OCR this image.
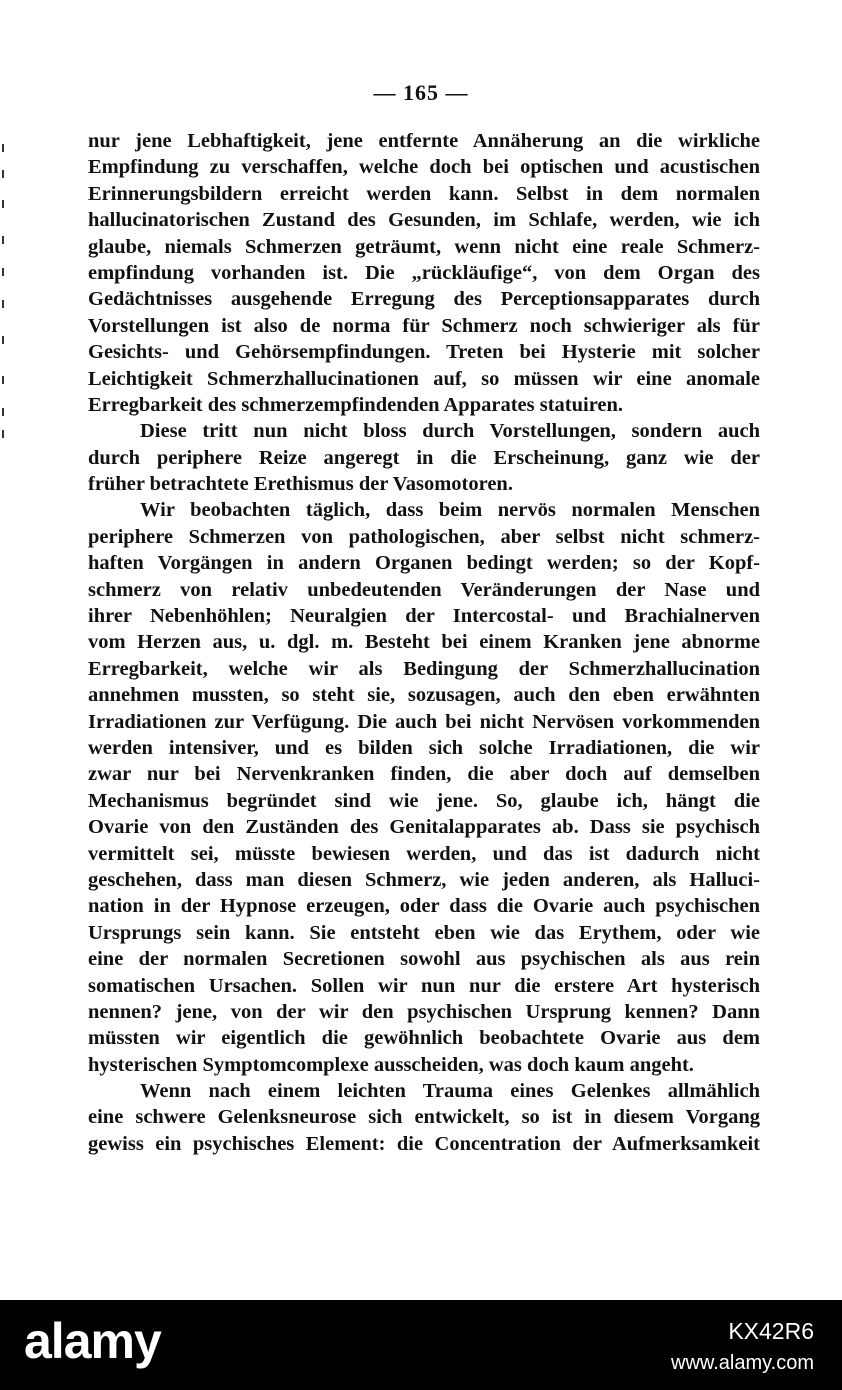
— 165 —
nur jene Lebhaftigkeit, jene entfernte Annäherung an die wirkliche
Empfindung zu verschaffen, welche doch bei optischen und acustischen
Erinnerungsbildern erreicht werden kann. Selbst in dem normalen
hallucinatorischen Zustand des Gesunden, im Schlafe, werden, wie ich
glaube, niemals Schmerzen geträumt, wenn nicht eine reale Schmerz-
empfindung vorhanden ist. Die „rückläufige“, von dem Organ des
Gedächtnisses ausgehende Erregung des Perceptionsapparates durch
Vorstellungen ist also de norma für Schmerz noch schwieriger als für
Gesichts- und Gehörsempfindungen. Treten bei Hysterie mit solcher
Leichtigkeit Schmerzhallucinationen auf, so müssen wir eine anomale
Erregbarkeit des schmerzempfindenden Apparates statuiren.
Diese tritt nun nicht bloss durch Vorstellungen, sondern auch
durch periphere Reize angeregt in die Erscheinung, ganz wie der
früher betrachtete Erethismus der Vasomotoren.
Wir beobachten täglich, dass beim nervös normalen Menschen
periphere Schmerzen von pathologischen, aber selbst nicht schmerz-
haften Vorgängen in andern Organen bedingt werden; so der Kopf-
schmerz von relativ unbedeutenden Veränderungen der Nase und
ihrer Nebenhöhlen; Neuralgien der Intercostal- und Brachialnerven
vom Herzen aus, u. dgl. m. Besteht bei einem Kranken jene abnorme
Erregbarkeit, welche wir als Bedingung der Schmerzhallucination
annehmen mussten, so steht sie, sozusagen, auch den eben erwähnten
Irradiationen zur Verfügung. Die auch bei nicht Nervösen vorkommenden
werden intensiver, und es bilden sich solche Irradiationen, die wir
zwar nur bei Nervenkranken finden, die aber doch auf demselben
Mechanismus begründet sind wie jene. So, glaube ich, hängt die
Ovarie von den Zuständen des Genitalapparates ab. Dass sie psychisch
vermittelt sei, müsste bewiesen werden, und das ist dadurch nicht
geschehen, dass man diesen Schmerz, wie jeden anderen, als Halluci-
nation in der Hypnose erzeugen, oder dass die Ovarie auch psychischen
Ursprungs sein kann. Sie entsteht eben wie das Erythem, oder wie
eine der normalen Secretionen sowohl aus psychischen als aus rein
somatischen Ursachen. Sollen wir nun nur die erstere Art hysterisch
nennen? jene, von der wir den psychischen Ursprung kennen? Dann
müssten wir eigentlich die gewöhnlich beobachtete Ovarie aus dem
hysterischen Symptomcomplexe ausscheiden, was doch kaum angeht.
Wenn nach einem leichten Trauma eines Gelenkes allmählich
eine schwere Gelenksneurose sich entwickelt, so ist in diesem Vorgang
gewiss ein psychisches Element: die Concentration der Aufmerksamkeit
alamy	KX42R6
www.alamy.com
